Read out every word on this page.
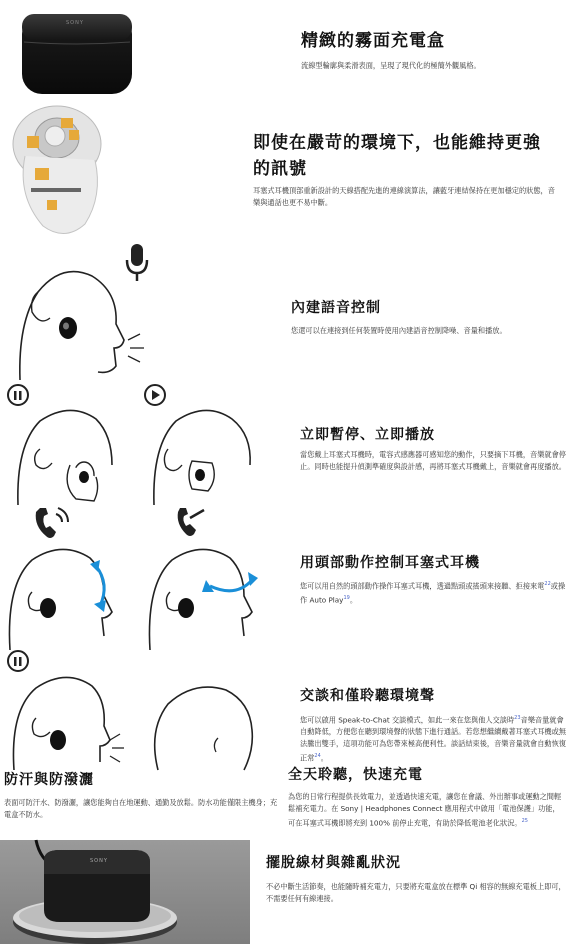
SONY
精緻的霧面充電盒
流線型輪廓與柔滑表面，呈現了現代化的極簡外觀風格。
即使在嚴苛的環境下，也能維持更強的訊號
耳塞式耳機頂部重新設計的天線搭配先進的連線演算法，讓藍牙連結保持在更加穩定的狀態，音樂與通話也更不易中斷。
內建語音控制
您還可以在連接到任何裝置時使用內建語音控制降噪、音量和播放。
立即暫停、立即播放
當您戴上耳塞式耳機時，電容式感應器可感知您的動作，只要摘下耳機，音樂就會停止。同時也能提升偵測準確度與設計感，再將耳塞式耳機戴上，音樂就會再度播放。
用頭部動作控制耳塞式耳機
您可以用自然的頭部動作操作耳塞式耳機，透過點頭或搖頭來接聽、拒接來電$^{22}$或操作 Auto Play$^{19}$。
交談和僅聆聽環境聲
您可以啟用 Speak-to-Chat 交談模式，如此一來在您與他人交談時$^{23}$音樂音量就會自動降低，方便您在聽到環境聲的狀態下進行通話。若您想繼續戴著耳塞式耳機或無法騰出雙手，這項功能可為您帶來極高便利性。談話結束後，音樂音量就會自動恢復正常$^{24}$。
防汗與防潑灑
表面可防汗水、防潑灑，讓您能夠自在地運動、通勤及放鬆。防水功能僅限主機身；充電盒不防水。
全天聆聽，快速充電
為您的日常行程提供長效電力，並透過快速充電，讓您在會議、外出辦事或運動之間輕鬆補充電力。在 Sony | Headphones Connect 應用程式中啟用「電池保護」功能，可在耳塞式耳機即將充到 100% 前停止充電，有助於降低電池老化狀況。$^{25}$
SONY	擺脫線材與雜亂狀況
不必中斷生活節奏，也能隨時補充電力，只要將充電盒放在標準 Qi 相容的無線充電板上即可，不需要任何有線連接。
